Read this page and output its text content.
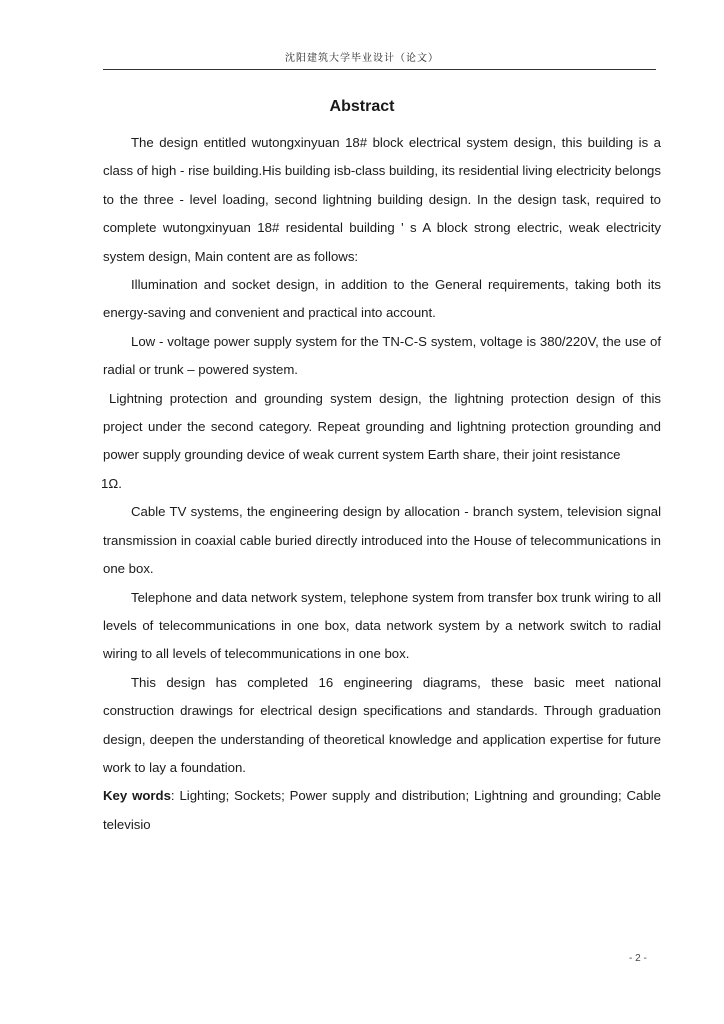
沈阳建筑大学毕业设计（论文）
Abstract

The design entitled wutongxinyuan 18# block electrical system design, this building is a class of high - rise building.His building isb-class building, its residential living electricity belongs to the three - level loading, second lightning building design. In the design task, required to complete wutongxinyuan 18# residental building ' s A block strong electric, weak electricity system design, Main content are as follows:

Illumination and socket design, in addition to the General requirements, taking both its energy-saving and convenient and practical into account.

Low - voltage power supply system for the TN-C-S system, voltage is 380/220V, the use of radial or trunk – powered system.

Lightning protection and grounding system design, the lightning protection design of this project under the second category. Repeat grounding and lightning protection grounding and power supply grounding device of weak current system Earth share, their joint resistance

1Ω.

Cable TV systems, the engineering design by allocation - branch system, television signal transmission in coaxial cable buried directly introduced into the House of telecommunications in one box.

Telephone and data network system, telephone system from transfer box trunk wiring to all levels of telecommunications in one box, data network system by a network switch to radial wiring to all levels of telecommunications in one box.

This design has completed 16 engineering diagrams, these basic meet national construction drawings for electrical design specifications and standards. Through graduation design, deepen the understanding of theoretical knowledge and application expertise for future work to lay a foundation.

Key words: Lighting; Sockets; Power supply and distribution; Lightning and grounding; Cable televisio

- 2 -
